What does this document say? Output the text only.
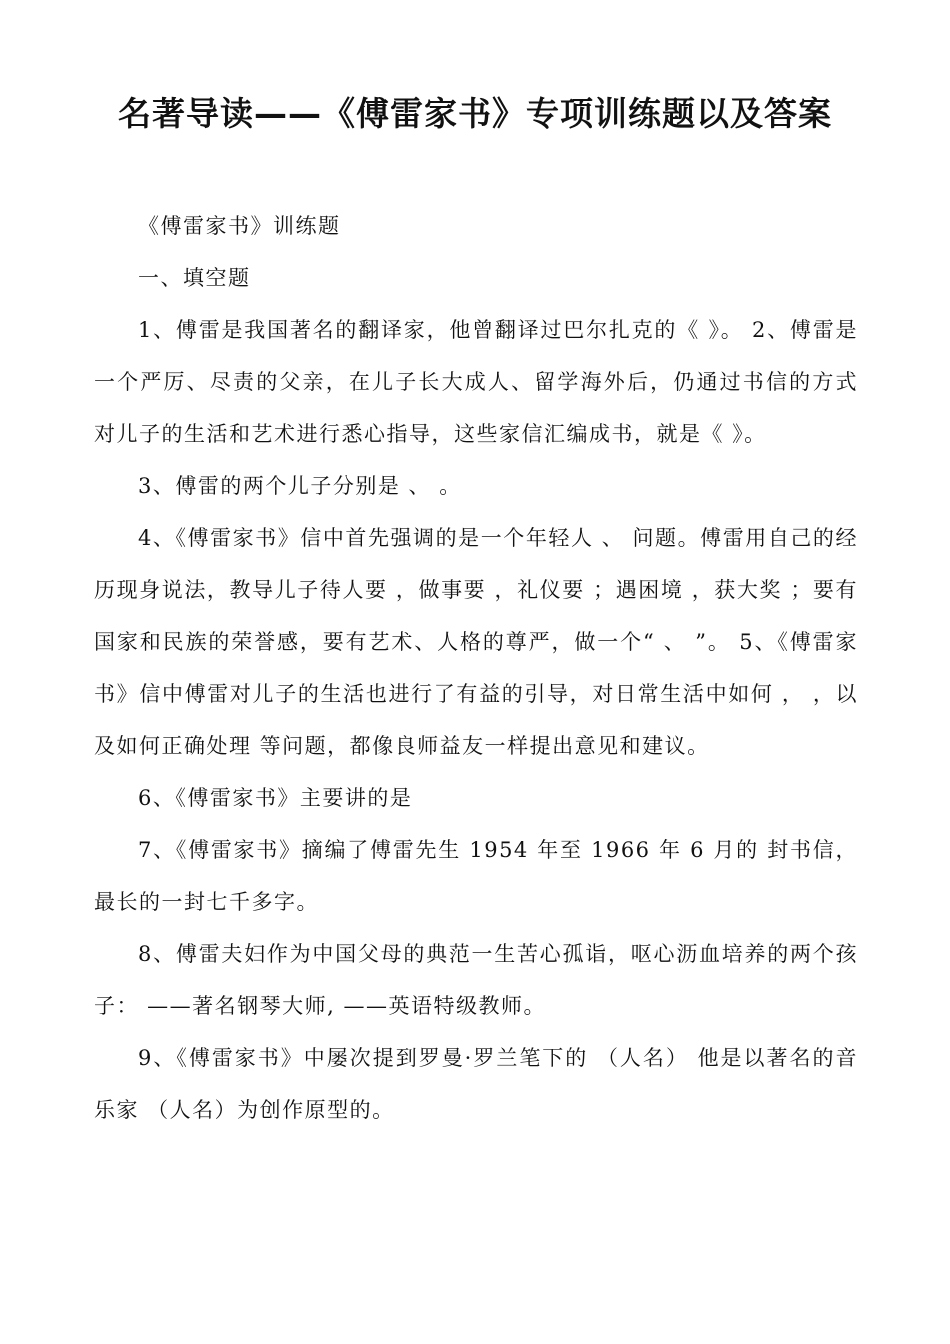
名著导读——《傅雷家书》专项训练题以及答案

《傅雷家书》训练题

一、填空题

1、傅雷是我国著名的翻译家，他曾翻译过巴尔扎克的《 》。 2、傅雷是一个严厉、尽责的父亲，在儿子长大成人、留学海外后，仍通过书信的方式对儿子的生活和艺术进行悉心指导，这些家信汇编成书，就是《 》。

3、傅雷的两个儿子分别是 、 。

4、《傅雷家书》信中首先强调的是一个年轻人 、 问题。傅雷用自己的经历现身说法，教导儿子待人要 ，做事要 ，礼仪要 ；遇困境 ，获大奖 ；要有国家和民族的荣誉感，要有艺术、人格的尊严，做一个“ 、 ”。 5、《傅雷家书》信中傅雷对儿子的生活也进行了有益的引导，对日常生活中如何 ， ，以及如何正确处理 等问题，都像良师益友一样提出意见和建议。

6、《傅雷家书》主要讲的是

7、《傅雷家书》摘编了傅雷先生 1954 年至 1966 年 6 月的 封书信，最长的一封七千多字。

8、傅雷夫妇作为中国父母的典范一生苦心孤诣，呕心沥血培养的两个孩子： ——著名钢琴大师, ——英语特级教师。

9、《傅雷家书》中屡次提到罗曼·罗兰笔下的 （人名） 他是以著名的音乐家 （人名）为创作原型的。
